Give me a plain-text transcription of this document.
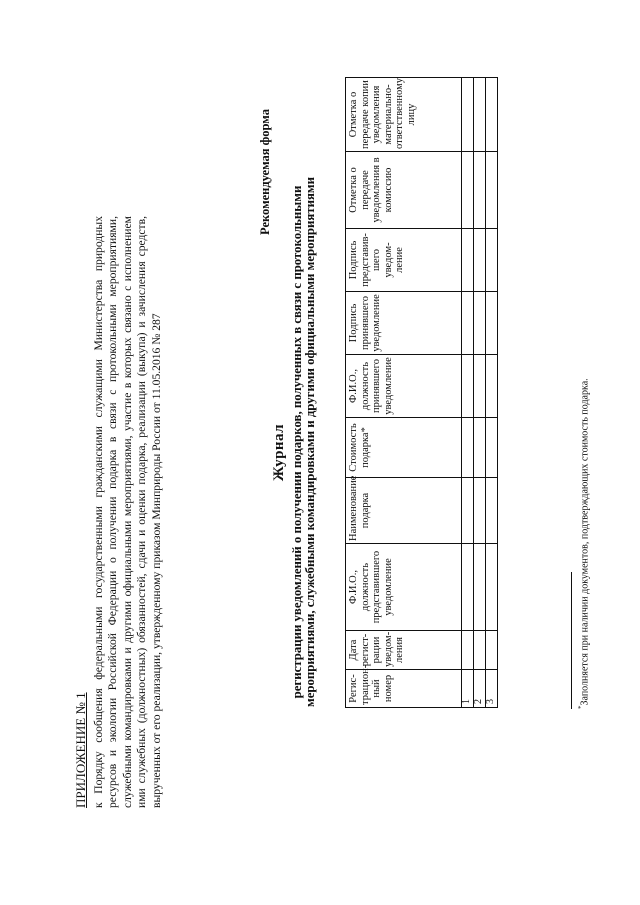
ПРИЛОЖЕНИЕ № 1 к Порядку сообщения федеральными государственными гражданскими служащими Министерства природных ресурсов и экологии Российской Федерации о получении подарка в связи с протокольными мероприятиями, служебными командировками и другими официальными мероприятиями, участие в которых связано с исполнением ими служебных (должностных) обязанностей, сдачи и оценки подарка, реализации (выкупа) и зачисления средств, вырученных от его реализации, утвержденному приказом Минприроды России от 11.05.2016 № 287
Рекомендуемая форма
Журнал регистрации уведомлений о получении подарков, полученных в связи с протокольными мероприятиями, служебными командировками и другими официальными мероприятиями	Регис-трацион-ный номер	Дата регист-рации уведом-ления	Ф.И.О., должность представившего уведомление	Наименование подарка	Стоимость подарка*	Ф.И.О., должность принявшего уведомление	Подпись принявшего уведомление	Подпись представив-шего уведом-ление	Отметка о передаче уведомления в комиссию	Отметка о передаче копии уведомления материально-ответственному лицу
1									
2									
3									
*Заполняется при наличии документов, подтверждающих стоимость подарка.
